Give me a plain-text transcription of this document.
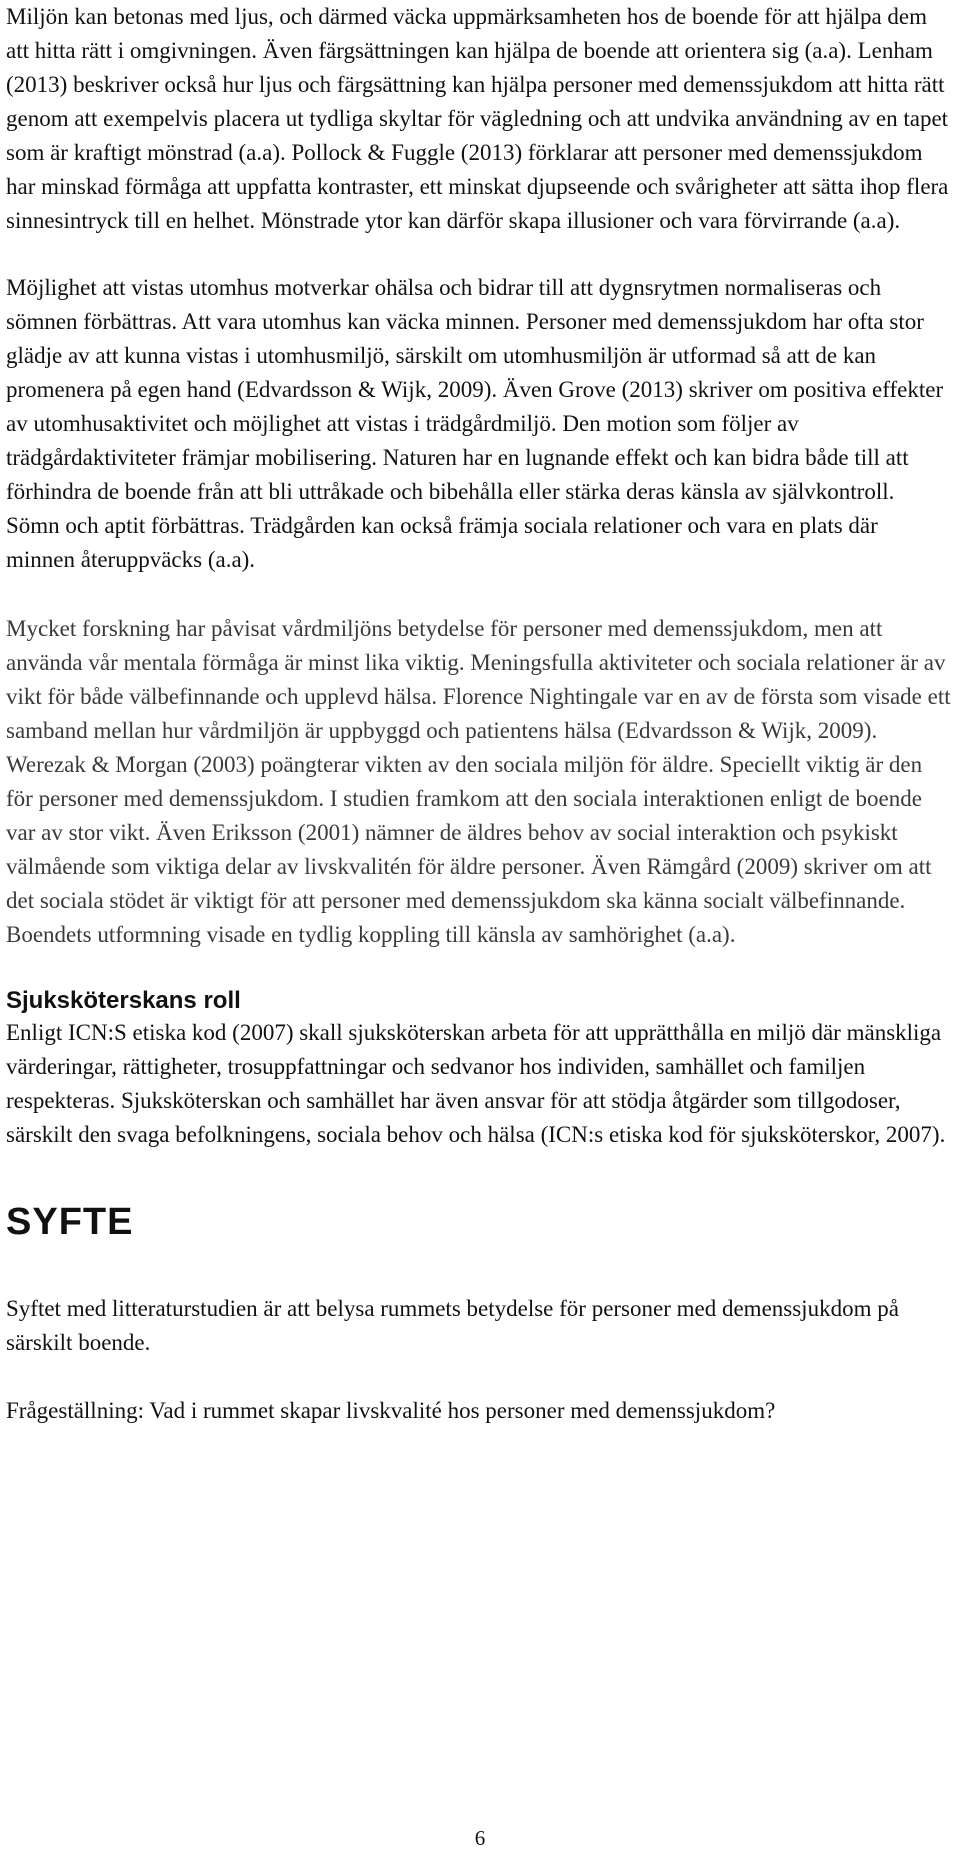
Miljön kan betonas med ljus, och därmed väcka uppmärksamheten hos de boende för att hjälpa dem att hitta rätt i omgivningen. Även färgsättningen kan hjälpa de boende att orientera sig (a.a). Lenham (2013) beskriver också hur ljus och färgsättning kan hjälpa personer med demenssjukdom att hitta rätt genom att exempelvis placera ut tydliga skyltar för vägledning och att undvika användning av en tapet som är kraftigt mönstrad (a.a). Pollock & Fuggle (2013) förklarar att personer med demenssjukdom har minskad förmåga att uppfatta kontraster, ett minskat djupseende och svårigheter att sätta ihop flera sinnesintryck till en helhet. Mönstrade ytor kan därför skapa illusioner och vara förvirrande (a.a).

Möjlighet att vistas utomhus motverkar ohälsa och bidrar till att dygnsrytmen normaliseras och sömnen förbättras. Att vara utomhus kan väcka minnen. Personer med demenssjukdom har ofta stor glädje av att kunna vistas i utomhusmiljö, särskilt om utomhusmiljön är utformad så att de kan promenera på egen hand (Edvardsson & Wijk, 2009). Även Grove (2013) skriver om positiva effekter av utomhusaktivitet och möjlighet att vistas i trädgårdmiljö. Den motion som följer av trädgårdaktiviteter främjar mobilisering. Naturen har en lugnande effekt och kan bidra både till att förhindra de boende från att bli uttråkade och bibehålla eller stärka deras känsla av självkontroll. Sömn och aptit förbättras. Trädgården kan också främja sociala relationer och vara en plats där minnen återuppväcks (a.a).

Mycket forskning har påvisat vårdmiljöns betydelse för personer med demenssjukdom, men att använda vår mentala förmåga är minst lika viktig. Meningsfulla aktiviteter och sociala relationer är av vikt för både välbefinnande och upplevd hälsa. Florence Nightingale var en av de första som visade ett samband mellan hur vårdmiljön är uppbyggd och patientens hälsa (Edvardsson & Wijk, 2009). Werezak & Morgan (2003) poängterar vikten av den sociala miljön för äldre. Speciellt viktig är den för personer med demenssjukdom. I studien framkom att den sociala interaktionen enligt de boende var av stor vikt. Även Eriksson (2001) nämner de äldres behov av social interaktion och psykiskt välmående som viktiga delar av livskvalitén för äldre personer. Även Rämgård (2009) skriver om att det sociala stödet är viktigt för att personer med demenssjukdom ska känna socialt välbefinnande. Boendets utformning visade en tydlig koppling till känsla av samhörighet (a.a).

Sjuksköterskans roll

Enligt ICN:S etiska kod (2007) skall sjuksköterskan arbeta för att upprätthålla en miljö där mänskliga värderingar, rättigheter, trosuppfattningar och sedvanor hos individen, samhället och familjen respekteras. Sjuksköterskan och samhället har även ansvar för att stödja åtgärder som tillgodoser, särskilt den svaga befolkningens, sociala behov och hälsa (ICN:s etiska kod för sjuksköterskor, 2007).

SYFTE

Syftet med litteraturstudien är att belysa rummets betydelse för personer med demenssjukdom på särskilt boende.

Frågeställning: Vad i rummet skapar livskvalité hos personer med demenssjukdom?

6
